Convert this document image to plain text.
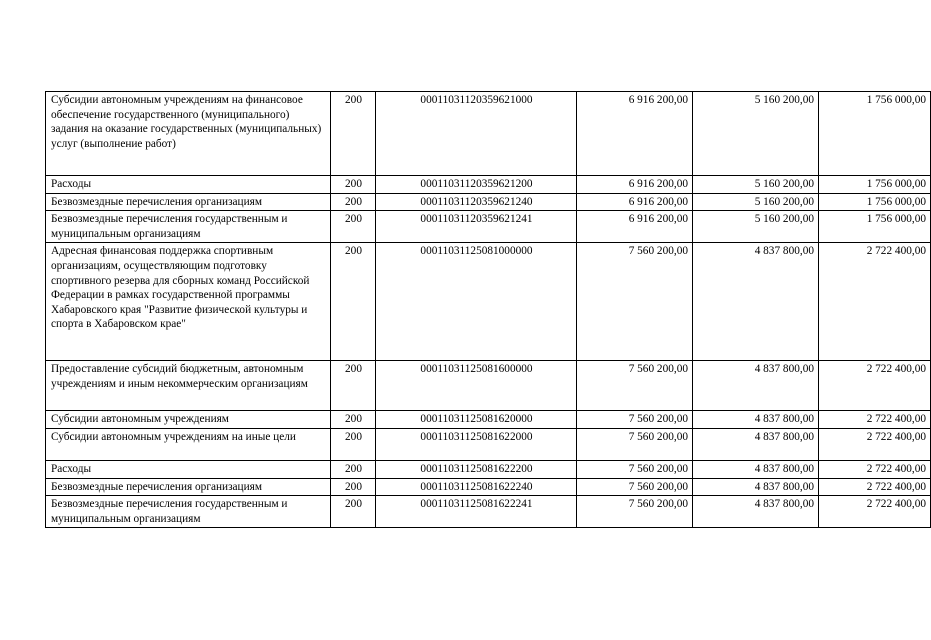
Субсидии автономным учреждениям на финансовое обеспечение государственного (муниципального) задания на оказание государственных (муниципальных) услуг (выполнение работ)	200	00011031120359621000	6 916 200,00	5 160 200,00	1 756 000,00
Расходы	200	00011031120359621200	6 916 200,00	5 160 200,00	1 756 000,00
Безвозмездные перечисления организациям	200	00011031120359621240	6 916 200,00	5 160 200,00	1 756 000,00
Безвозмездные перечисления государственным и муниципальным организациям	200	00011031120359621241	6 916 200,00	5 160 200,00	1 756 000,00
Адресная финансовая поддержка спортивным организациям, осуществляющим подготовку спортивного резерва для сборных команд Российской Федерации в рамках государственной программы Хабаровского края "Развитие физической культуры и спорта в Хабаровском крае"	200	00011031125081000000	7 560 200,00	4 837 800,00	2 722 400,00
Предоставление субсидий бюджетным, автономным учреждениям и иным некоммерческим организациям	200	00011031125081600000	7 560 200,00	4 837 800,00	2 722 400,00
Субсидии автономным учреждениям	200	00011031125081620000	7 560 200,00	4 837 800,00	2 722 400,00
Субсидии автономным учреждениям на иные цели	200	00011031125081622000	7 560 200,00	4 837 800,00	2 722 400,00
Расходы	200	00011031125081622200	7 560 200,00	4 837 800,00	2 722 400,00
Безвозмездные перечисления организациям	200	00011031125081622240	7 560 200,00	4 837 800,00	2 722 400,00
Безвозмездные перечисления государственным и муниципальным организациям	200	00011031125081622241	7 560 200,00	4 837 800,00	2 722 400,00
